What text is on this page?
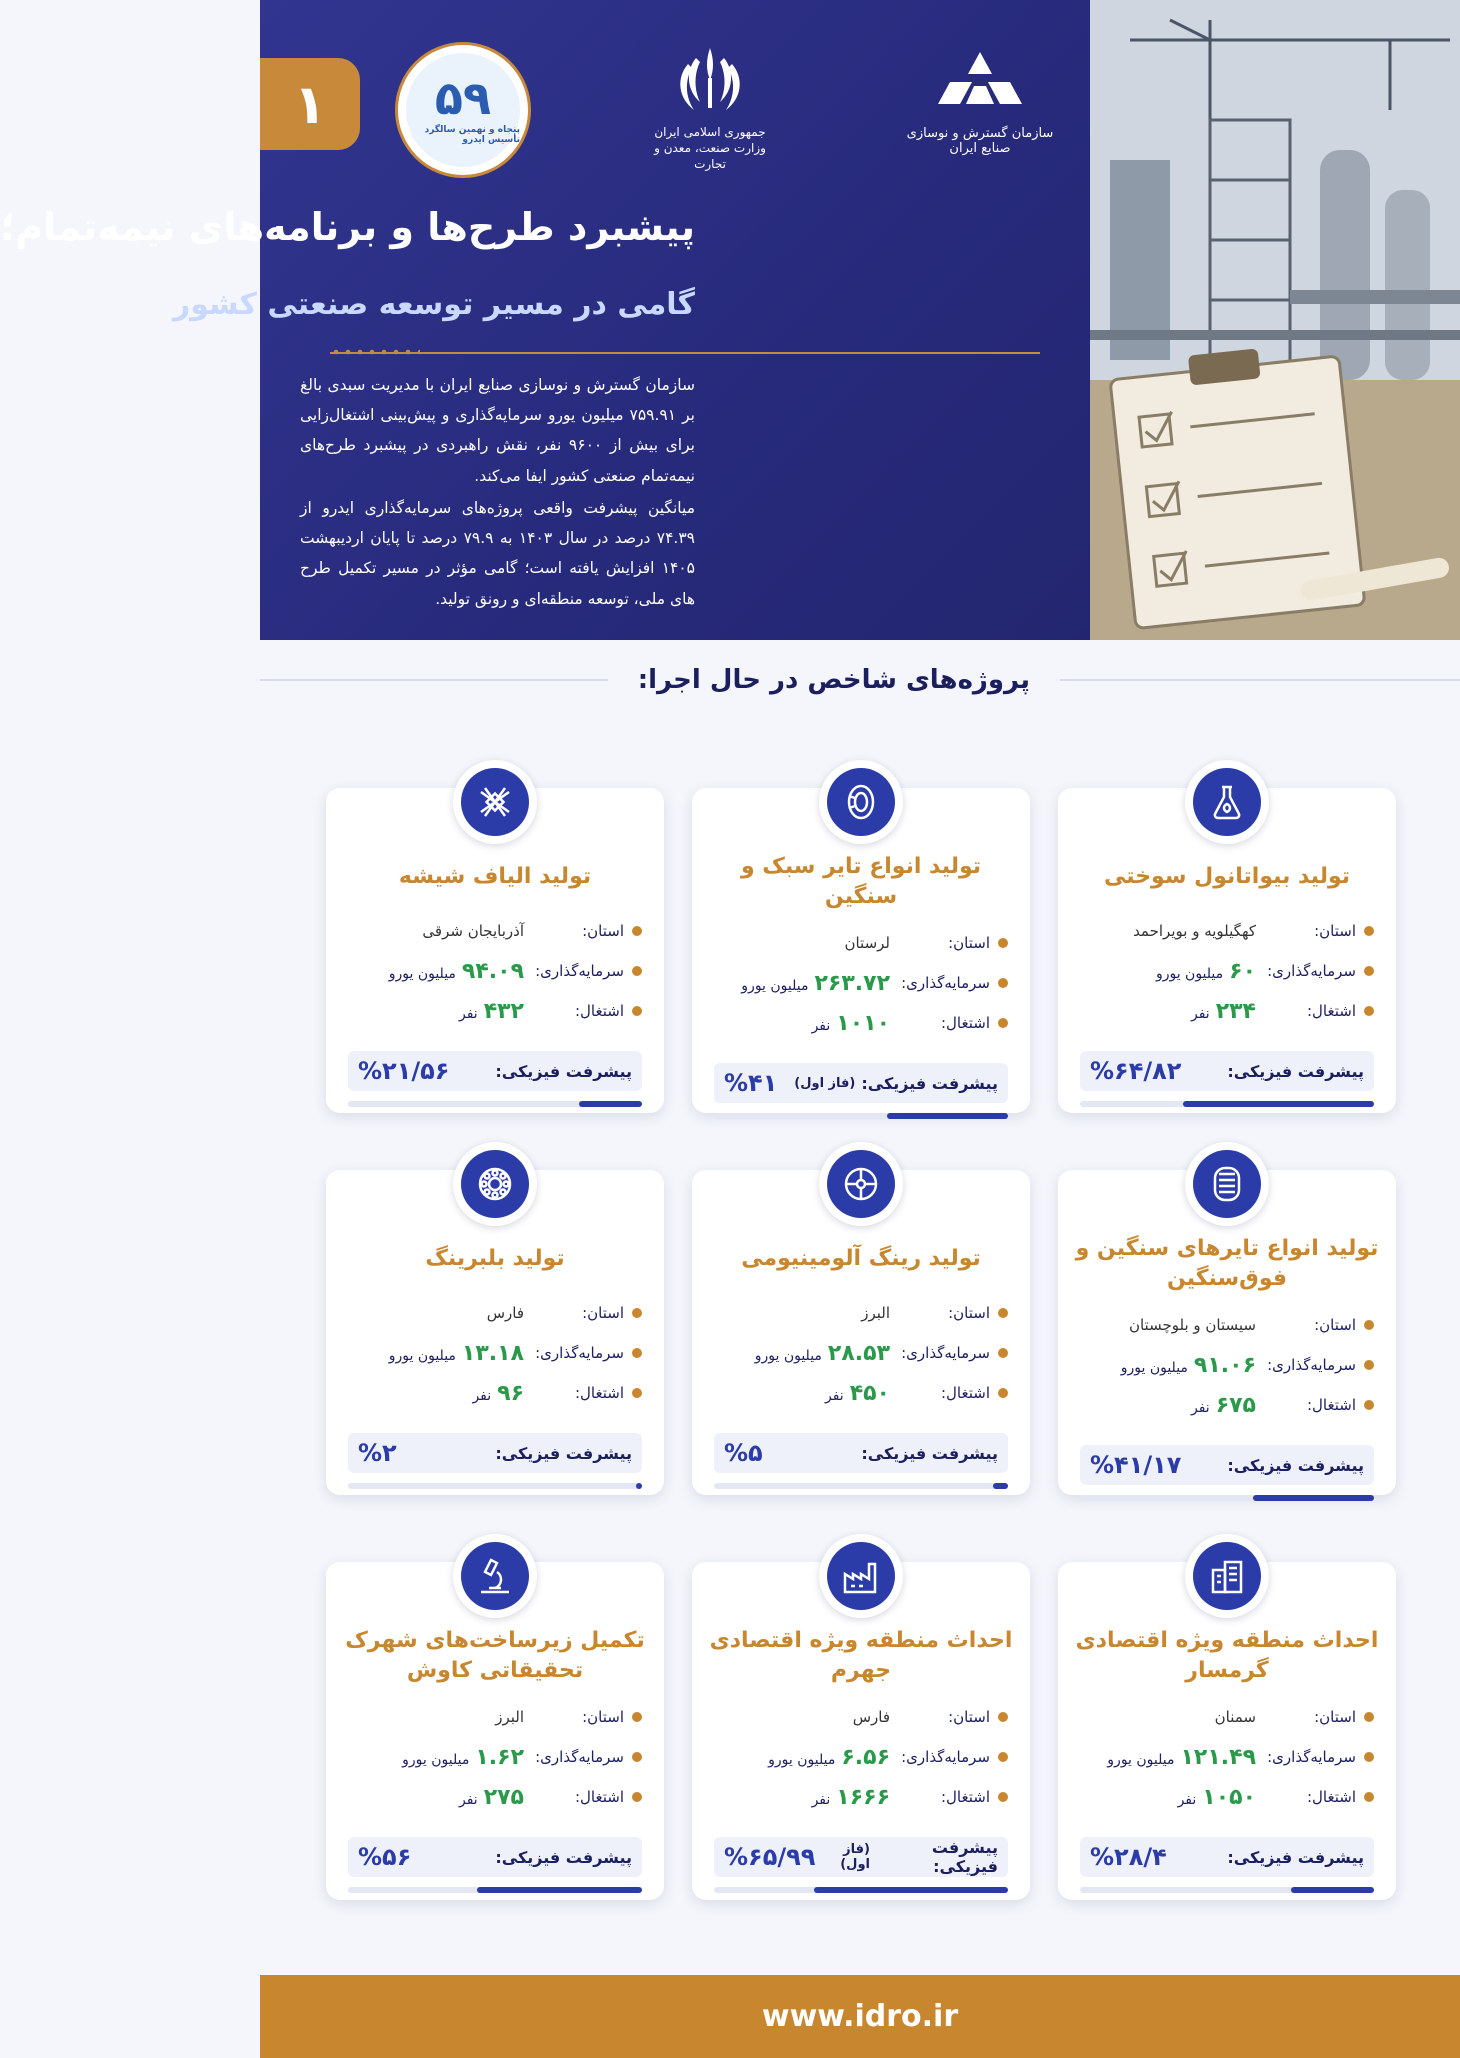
۱ ۵۹
پنجاه و نهمین سالگرد تأسیس ایدرو
جمهوری اسلامی ایران
وزارت صنعت، معدن و تجارت
سازمان گسترش و نوسازی صنایع ایران
پیشبرد طرح‌ها و برنامه‌های نیمه‌تمام؛
گامی در مسیر توسعه صنعتی کشور

سازمان گسترش و نوسازی صنایع ایران با مدیریت سبدی بالغ بر ۷۵۹.۹۱ میلیون یورو سرمایه‌گذاری و پیش‌بینی اشتغال‌زایی برای بیش از ۹۶۰۰ نفر، نقش راهبردی در پیشبرد طرح‌های نیمه‌تمام صنعتی کشور ایفا می‌کند.

میانگین پیشرفت واقعی پروژه‌های سرمایه‌گذاری ایدرو از ۷۴.۳۹ درصد در سال ۱۴۰۳ به ۷۹.۹ درصد تا پایان اردیبهشت ۱۴۰۵ افزایش یافته است؛ گامی مؤثر در مسیر تکمیل طرح های ملی، توسعه منطقه‌ای و رونق تولید.

پروژه‌های شاخص در حال اجرا:
تولید بیواتانول سوختی
استان:
کهگیلویه و بویراحمد
سرمایه‌گذاری:
۶۰
میلیون یورو
اشتغال:
۲۳۴
نفر
پیشرفت فیزیکی:
%۶۴/۸۲
تولید انواع تایر سبک و سنگین
استان:
لرستان
سرمایه‌گذاری:
۲۶۳.۷۲
میلیون یورو
اشتغال:
۱۰۱۰
نفر
پیشرفت فیزیکی:
(فاز اول)
%۴۱
تولید الیاف شیشه
استان:
آذربایجان شرقی
سرمایه‌گذاری:
۹۴.۰۹
میلیون یورو
اشتغال:
۴۳۲
نفر
پیشرفت فیزیکی:
%۲۱/۵۶
تولید انواع تایرهای سنگین و فوق‌سنگین
استان:
سیستان و بلوچستان
سرمایه‌گذاری:
۹۱.۰۶
میلیون یورو
اشتغال:
۶۷۵
نفر
پیشرفت فیزیکی:
%۴۱/۱۷
تولید رینگ آلومینیومی
استان:
البرز
سرمایه‌گذاری:
۲۸.۵۳
میلیون یورو
اشتغال:
۴۵۰
نفر
پیشرفت فیزیکی:
%۵
تولید بلبرینگ
استان:
فارس
سرمایه‌گذاری:
۱۳.۱۸
میلیون یورو
اشتغال:
۹۶
نفر
پیشرفت فیزیکی:
%۲
احداث منطقه ویژه اقتصادی گرمسار
استان:
سمنان
سرمایه‌گذاری:
۱۲۱.۴۹
میلیون یورو
اشتغال:
۱۰۵۰
نفر
پیشرفت فیزیکی:
%۲۸/۴
احداث منطقه ویژه اقتصادی جهرم
استان:
فارس
سرمایه‌گذاری:
۶.۵۶
میلیون یورو
اشتغال:
۱۶۶۶
نفر
پیشرفت فیزیکی:
(فاز اول)
%۶۵/۹۹
تکمیل زیرساخت‌های شهرک تحقیقاتی کاوش
استان:
البرز
سرمایه‌گذاری:
۱.۶۲
میلیون یورو
اشتغال:
۲۷۵
نفر
پیشرفت فیزیکی:
%۵۶
www.idro.ir
